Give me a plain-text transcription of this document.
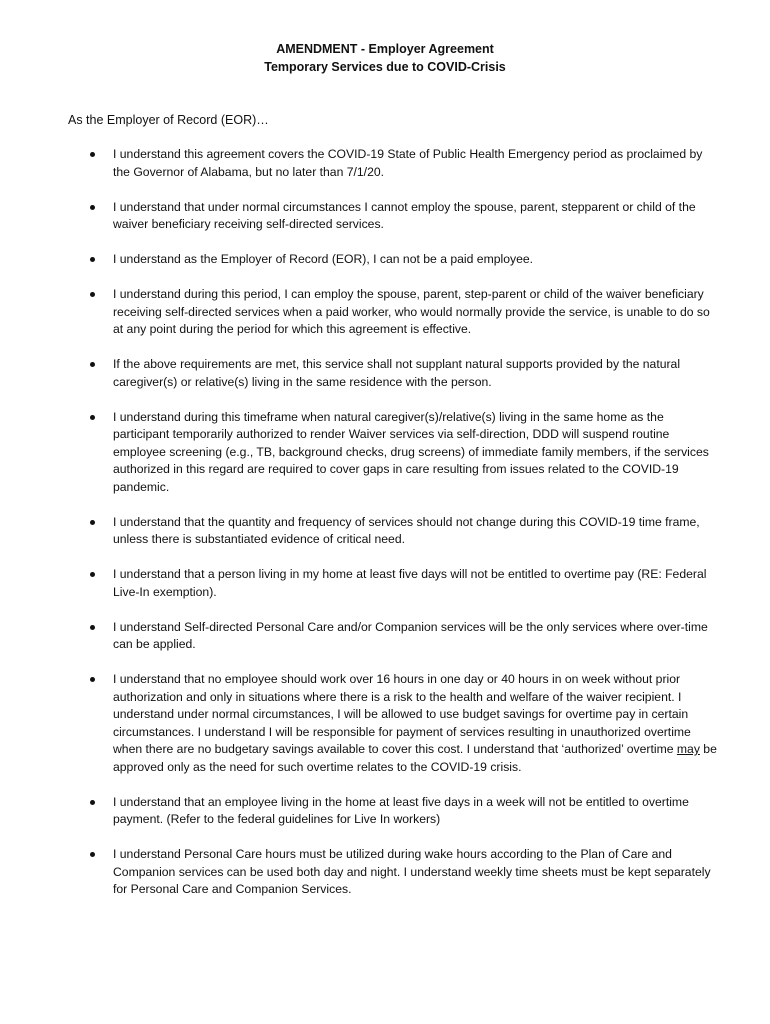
AMENDMENT - Employer Agreement
Temporary Services due to COVID-Crisis
As the Employer of Record (EOR)…
I understand this agreement covers the COVID-19 State of Public Health Emergency period as proclaimed by the Governor of Alabama, but no later than 7/1/20.
I understand that under normal circumstances I cannot employ the spouse, parent, stepparent or child of the waiver beneficiary receiving self-directed services.
I understand as the Employer of Record (EOR), I can not be a paid employee.
I understand during this period, I can employ the spouse, parent, step-parent or child of the waiver beneficiary receiving self-directed services when a paid worker, who would normally provide the service, is unable to do so at any point during the period for which this agreement is effective.
If the above requirements are met, this service shall not supplant natural supports provided by the natural caregiver(s) or relative(s) living in the same residence with the person.
I understand during this timeframe when natural caregiver(s)/relative(s) living in the same home as the participant temporarily authorized to render Waiver services via self-direction, DDD will suspend routine employee screening (e.g., TB, background checks, drug screens) of immediate family members, if the services authorized in this regard are required to cover gaps in care resulting from issues related to the COVID-19 pandemic.
I understand that the quantity and frequency of services should not change during this COVID-19 time frame, unless there is substantiated evidence of critical need.
I understand that a person living in my home at least five days will not be entitled to overtime pay (RE: Federal Live-In exemption).
I understand Self-directed Personal Care and/or Companion services will be the only services where over-time can be applied.
I understand that no employee should work over 16 hours in one day or 40 hours in on week without prior authorization and only in situations where there is a risk to the health and welfare of the waiver recipient. I understand under normal circumstances, I will be allowed to use budget savings for overtime pay in certain circumstances. I understand I will be responsible for payment of services resulting in unauthorized overtime when there are no budgetary savings available to cover this cost. I understand that ‘authorized’ overtime may be approved only as the need for such overtime relates to the COVID-19 crisis.
I understand that an employee living in the home at least five days in a week will not be entitled to overtime payment. (Refer to the federal guidelines for Live In workers)
I understand Personal Care hours must be utilized during wake hours according to the Plan of Care and Companion services can be used both day and night. I understand weekly time sheets must be kept separately for Personal Care and Companion Services.
